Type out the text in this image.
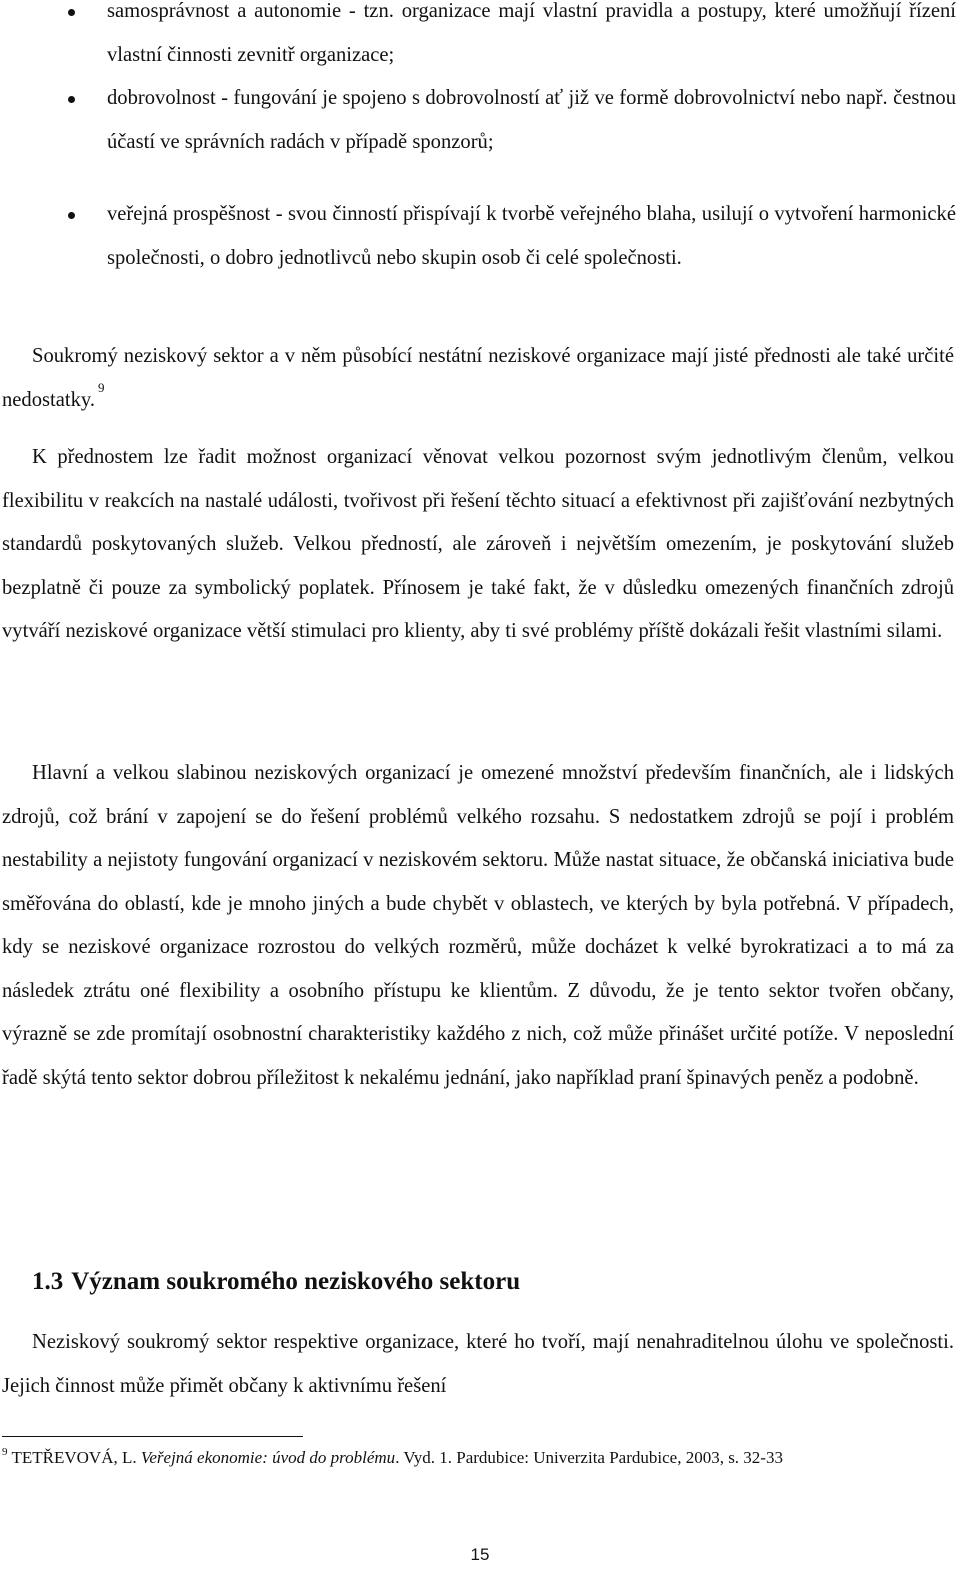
samosprávnost a autonomie - tzn. organizace mají vlastní pravidla a postupy, které umožňují řízení vlastní činnosti zevnitř organizace;

dobrovolnost - fungování je spojeno s dobrovolností ať již ve formě dobrovolnictví nebo např. čestnou účastí ve správních radách v případě sponzorů;

veřejná prospěšnost - svou činností přispívají k tvorbě veřejného blaha, usilují o vytvoření harmonické společnosti, o dobro jednotlivců nebo skupin osob či celé společnosti.

Soukromý neziskový sektor a v něm působící nestátní neziskové organizace mají jisté přednosti ale také určité nedostatky.$^9$

K přednostem lze řadit možnost organizací věnovat velkou pozornost svým jednotlivým členům, velkou flexibilitu v reakcích na nastalé události, tvořivost při řešení těchto situací a efektivnost při zajišťování nezbytných standardů poskytovaných služeb. Velkou předností, ale zároveň i největším omezením, je poskytování služeb bezplatně či pouze za symbolický poplatek. Přínosem je také fakt, že v důsledku omezených finančních zdrojů vytváří neziskové organizace větší stimulaci pro klienty, aby ti své problémy příště dokázali řešit vlastními silami.

Hlavní a velkou slabinou neziskových organizací je omezené množství především finančních, ale i lidských zdrojů, což brání v zapojení se do řešení problémů velkého rozsahu. S nedostatkem zdrojů se pojí i problém nestability a nejistoty fungování organizací v neziskovém sektoru. Může nastat situace, že občanská iniciativa bude směřována do oblastí, kde je mnoho jiných a bude chybět v oblastech, ve kterých by byla potřebná. V případech, kdy se neziskové organizace rozrostou do velkých rozměrů, může docházet k velké byrokratizaci a to má za následek ztrátu oné flexibility a osobního přístupu ke klientům. Z důvodu, že je tento sektor tvořen občany, výrazně se zde promítají osobnostní charakteristiky každého z nich, což může přinášet určité potíže. V neposlední řadě skýtá tento sektor dobrou příležitost k nekalému jednání, jako například praní špinavých peněz a podobně.

1.3 Význam soukromého neziskového sektoru

Neziskový soukromý sektor respektive organizace, které ho tvoří, mají nenahraditelnou úlohu ve společnosti. Jejich činnost může přimět občany k aktivnímu řešení

$^9$ TETŘEVOVÁ, L. Veřejná ekonomie: úvod do problému. Vyd. 1. Pardubice: Univerzita Pardubice, 2003, s. 32-33

15
